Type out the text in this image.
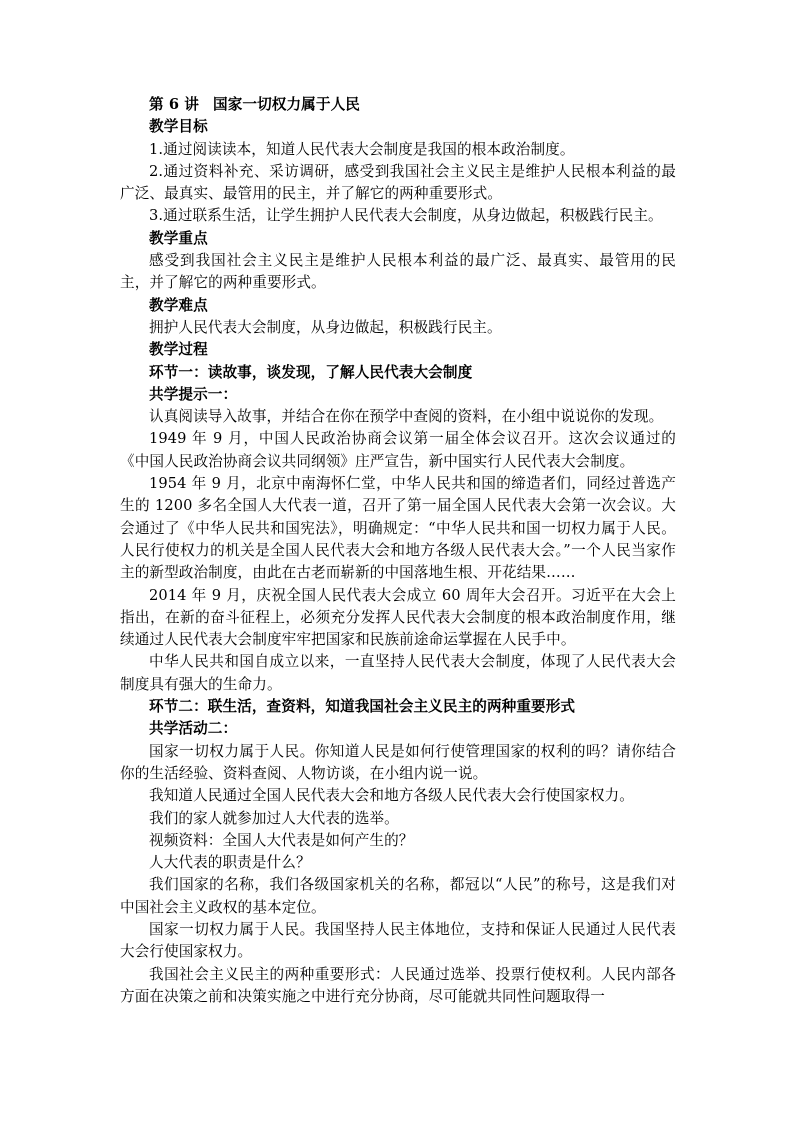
第 6 讲 国家一切权力属于人民

教学目标

1.通过阅读读本，知道人民代表大会制度是我国的根本政治制度。

2.通过资料补充、采访调研，感受到我国社会主义民主是维护人民根本利益的最广泛、最真实、最管用的民主，并了解它的两种重要形式。

3.通过联系生活，让学生拥护人民代表大会制度，从身边做起，积极践行民主。

教学重点

感受到我国社会主义民主是维护人民根本利益的最广泛、最真实、最管用的民主，并了解它的两种重要形式。

教学难点

拥护人民代表大会制度，从身边做起，积极践行民主。

教学过程

环节一：读故事，谈发现，了解人民代表大会制度

共学提示一：

认真阅读导入故事，并结合在你在预学中查阅的资料，在小组中说说你的发现。

1949 年 9 月，中国人民政治协商会议第一届全体会议召开。这次会议通过的《中国人民政治协商会议共同纲领》庄严宣告，新中国实行人民代表大会制度。

1954 年 9 月，北京中南海怀仁堂，中华人民共和国的缔造者们，同经过普选产生的 1200 多名全国人大代表一道，召开了第一届全国人民代表大会第一次会议。大会通过了《中华人民共和国宪法》，明确规定：“中华人民共和国一切权力属于人民。人民行使权力的机关是全国人民代表大会和地方各级人民代表大会。”一个人民当家作主的新型政治制度，由此在古老而崭新的中国落地生根、开花结果……

2014 年 9 月，庆祝全国人民代表大会成立 60 周年大会召开。习近平在大会上指出，在新的奋斗征程上，必须充分发挥人民代表大会制度的根本政治制度作用，继续通过人民代表大会制度牢牢把国家和民族前途命运掌握在人民手中。

中华人民共和国自成立以来，一直坚持人民代表大会制度，体现了人民代表大会制度具有强大的生命力。

环节二：联生活，查资料，知道我国社会主义民主的两种重要形式

共学活动二：

国家一切权力属于人民。你知道人民是如何行使管理国家的权利的吗？请你结合你的生活经验、资料查阅、人物访谈，在小组内说一说。

我知道人民通过全国人民代表大会和地方各级人民代表大会行使国家权力。

我们的家人就参加过人大代表的选举。

视频资料：全国人大代表是如何产生的？

人大代表的职责是什么？

我们国家的名称，我们各级国家机关的名称，都冠以“人民”的称号，这是我们对中国社会主义政权的基本定位。

国家一切权力属于人民。我国坚持人民主体地位，支持和保证人民通过人民代表大会行使国家权力。

我国社会主义民主的两种重要形式：人民通过选举、投票行使权利。人民内部各方面在决策之前和决策实施之中进行充分协商，尽可能就共同性问题取得一
